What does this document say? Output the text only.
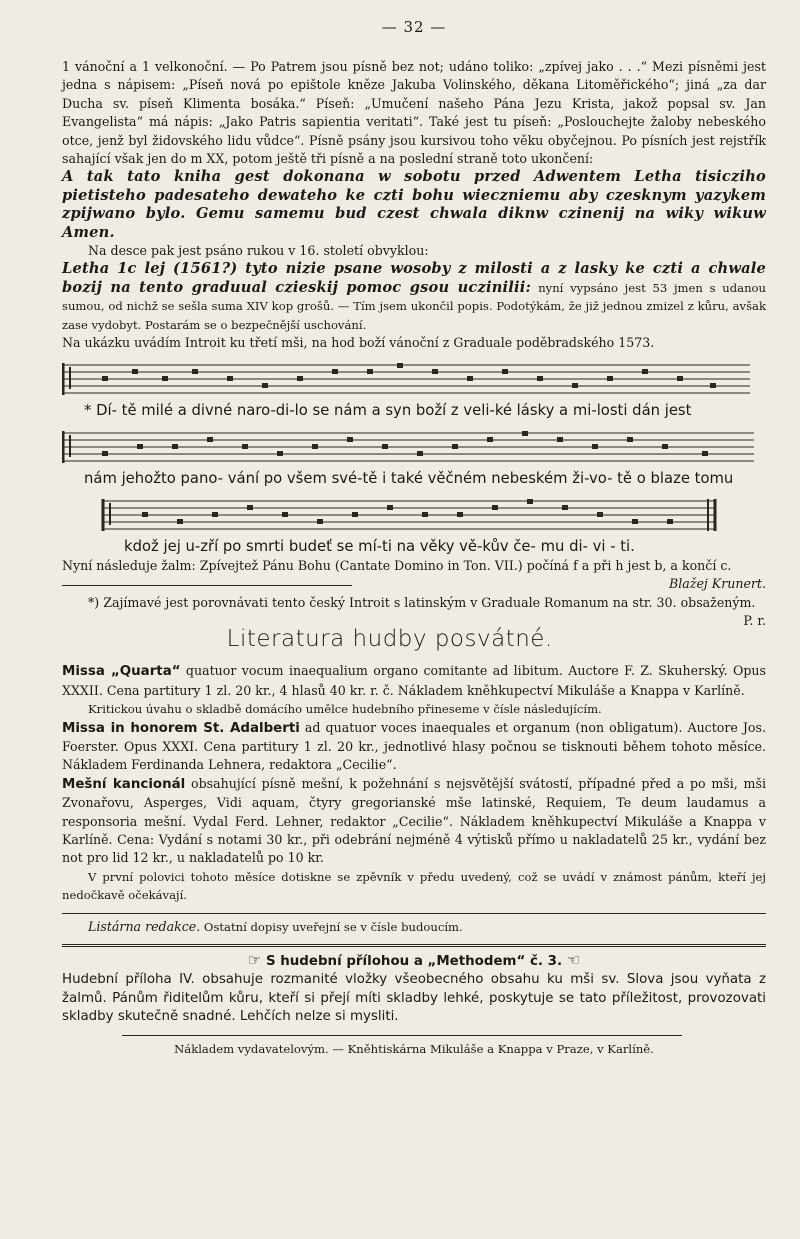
— 32 —

1 vánoční a 1 velkonoční. — Po Patrem jsou písně bez not; udáno toliko: „zpívej jako . . .“ Mezi písněmi jest jedna s nápisem: „Píseň nová po epištole kněze Jakuba Volinského, děkana Litoměřického“; jiná „za dar Ducha sv. píseň Klimenta bosáka.“ Píseň: „Umučení našeho Pána Jezu Krista, jakož popsal sv. Jan Evangelista“ má nápis: „Jako Patris sapientia veritati“. Také jest tu píseň: „Poslouchejte žaloby nebeského otce, jenž byl židovského lidu vůdce“. Písně psány jsou kursivou toho věku obyčejnou. Po písních jest rejstřík sahající však jen do m XX, potom ještě tři písně a na poslední straně toto ukončení:

A tak tato kniha gest dokonana w sobotu przed Adwentem Letha tisicziho pietisteho padesateho dewateho ke czti bohu wieczniemu aby czesknym yazykem zpijwano bylo. Gemu samemu bud czest chwala diknw czinenij na wiky wikuw Amen.

Na desce pak jest psáno rukou v 16. století obvyklou:

Letha 1c lej (1561?) tyto nizie psane wosoby z milosti a z lasky ke czti a chwale bozij na tento graduual czieskij pomoc gsou uczinilii: nyní vypsáno jest 53 jmen s udanou sumou, od nichž se sešla suma XIV kop grošů. — Tím jsem ukončil popis. Podotýkám, že již jednou zmizel z kůru, avšak zase vydobyt. Postarám se o bezpečnější uschování.

Na ukázku uvádím Introit ku třetí mši, na hod boží vánoční z Graduale poděbradského 1573.

* Dí- tě milé a divné naro-di-lo se nám a syn boží z veli-ké lásky a mi-losti dán jest
nám jehožto pano- vání po všem své-tě i také věčném nebeském ži-vo- tě o blaze tomu
kdož jej u-zří po smrti budeť se mí-ti na věky vě-kův če- mu di- vi - ti.

Nyní následuje žalm: Zpívejtež Pánu Bohu (Cantate Domino in Ton. VII.) počíná f a při h jest b, a končí c.
Blažej Krunert.

*) Zajímavé jest porovnávati tento český Introit s latinským v Graduale Romanum na str. 30. obsaženým.
P. r.

Literatura hudby posvátné.

Missa „Quarta“ quatuor vocum inaequalium organo comitante ad libitum. Auctore F. Z. Skuherský. Opus XXXII. Cena partitury 1 zl. 20 kr., 4 hlasů 40 kr. r. č. Nákladem kněhkupectví Mikuláše a Knappa v Karlíně.

Kritickou úvahu o skladbě domácího umělce hudebního přineseme v čísle následujícím.

Missa in honorem St. Adalberti ad quatuor voces inaequales et organum (non obligatum). Auctore Jos. Foerster. Opus XXXI. Cena partitury 1 zl. 20 kr., jednotlivé hlasy počnou se tisknouti během tohoto měsíce. Nákladem Ferdinanda Lehnera, redaktora „Cecilie“.

Mešní kancionál obsahující písně mešní, k požehnání s nejsvětější svátostí, případné před a po mši, mši Zvonařovu, Asperges, Vidi aquam, čtyry gregorianské mše latinské, Requiem, Te deum laudamus a responsoria mešní. Vydal Ferd. Lehner, redaktor „Cecilie“. Nákladem kněhkupectví Mikuláše a Knappa v Karlíně. Cena: Vydání s notami 30 kr., při odebrání nejméně 4 výtisků přímo u nakladatelů 25 kr., vydání bez not pro lid 12 kr., u nakladatelů po 10 kr.

V první polovici tohoto měsíce dotiskne se zpěvník v předu uvedený, což se uvádí v známost pánům, kteří jej nedočkavě očekávají.

Listárna redakce. Ostatní dopisy uveřejní se v čísle budoucím.

☞ S hudební přílohou a „Methodem“ č. 3. ☜

Hudební příloha IV. obsahuje rozmanité vložky všeobecného obsahu ku mši sv. Slova jsou vyňata z žalmů. Pánům řiditelům kůru, kteří si přejí míti skladby lehké, poskytuje se tato příležitost, provozovati skladby skutečně snadné. Lehčích nelze si mysliti.

Nákladem vydavatelovým. — Kněhtiskárna Mikuláše a Knappa v Praze, v Karlíně.
